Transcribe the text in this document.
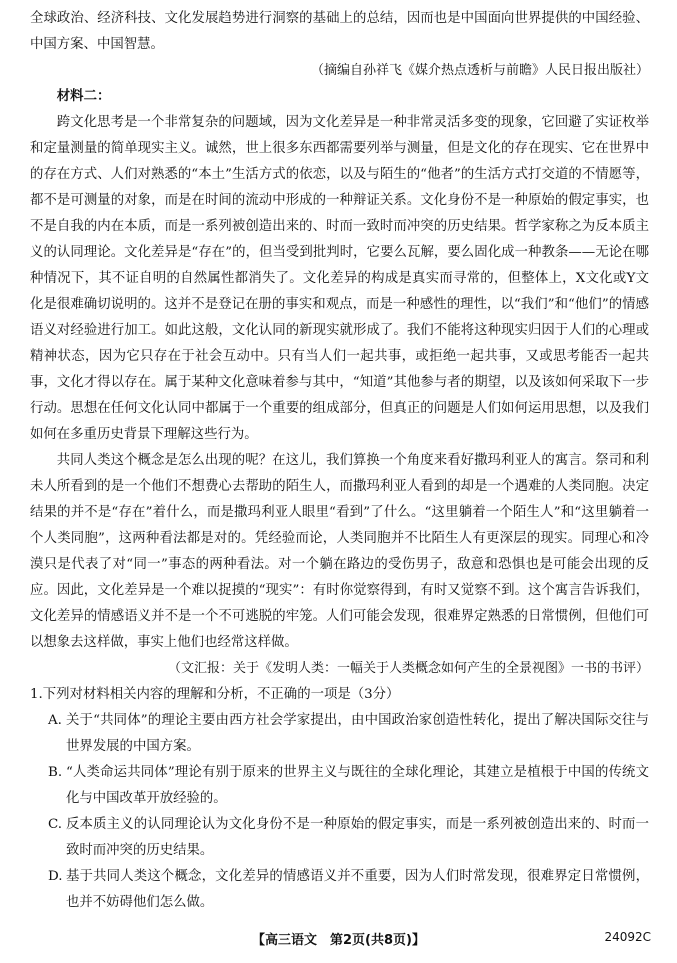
全球政治、经济科技、文化发展趋势进行洞察的基础上的总结，因而也是中国面向世界提供的中国经验、中国方案、中国智慧。

（摘编自孙祥飞《媒介热点透析与前瞻》人民日报出版社）

材料二：

跨文化思考是一个非常复杂的问题域，因为文化差异是一种非常灵活多变的现象，它回避了实证枚举和定量测量的简单现实主义。诚然，世上很多东西都需要列举与测量，但是文化的存在现实、它在世界中的存在方式、人们对熟悉的“本土”生活方式的依恋，以及与陌生的“他者”的生活方式打交道的不情愿等，都不是可测量的对象，而是在时间的流动中形成的一种辩证关系。文化身份不是一种原始的假定事实，也不是自我的内在本质，而是一系列被创造出来的、时而一致时而冲突的历史结果。哲学家称之为反本质主义的认同理论。文化差异是“存在”的，但当受到批判时，它要么瓦解，要么固化成一种教条——无论在哪种情况下，其不证自明的自然属性都消失了。文化差异的构成是真实而寻常的，但整体上，X文化或Y文化是很难确切说明的。这并不是登记在册的事实和观点，而是一种感性的理性，以“我们”和“他们”的情感语义对经验进行加工。如此这般，文化认同的新现实就形成了。我们不能将这种现实归因于人们的心理或精神状态，因为它只存在于社会互动中。只有当人们一起共事，或拒绝一起共事，又或思考能否一起共事，文化才得以存在。属于某种文化意味着参与其中，“知道”其他参与者的期望，以及该如何采取下一步行动。思想在任何文化认同中都属于一个重要的组成部分，但真正的问题是人们如何运用思想，以及我们如何在多重历史背景下理解这些行为。

共同人类这个概念是怎么出现的呢？在这儿，我们算换一个角度来看好撒玛利亚人的寓言。祭司和利未人所看到的是一个他们不想费心去帮助的陌生人，而撒玛利亚人看到的却是一个遇难的人类同胞。决定结果的并不是“存在”着什么，而是撒玛利亚人眼里“看到”了什么。“这里躺着一个陌生人”和“这里躺着一个人类同胞”，这两种看法都是对的。凭经验而论，人类同胞并不比陌生人有更深层的现实。同理心和冷漠只是代表了对“同一”事态的两种看法。对一个躺在路边的受伤男子，敌意和恐惧也是可能会出现的反应。因此，文化差异是一个难以捉摸的“现实”：有时你觉察得到，有时又觉察不到。这个寓言告诉我们，文化差异的情感语义并不是一个不可逃脱的牢笼。人们可能会发现，很难界定熟悉的日常惯例，但他们可以想象去这样做，事实上他们也经常这样做。

（文汇报：关于《发明人类：一幅关于人类概念如何产生的全景视图》一书的书评）

1.下列对材料相关内容的理解和分析，不正确的一项是（3分）

A. 关于“共同体”的理论主要由西方社会学家提出，由中国政治家创造性转化，提出了解决国际交往与世界发展的中国方案。
B. “人类命运共同体”理论有别于原来的世界主义与既往的全球化理论，其建立是植根于中国的传统文化与中国改革开放经验的。
C. 反本质主义的认同理论认为文化身份不是一种原始的假定事实，而是一系列被创造出来的、时而一致时而冲突的历史结果。
D. 基于共同人类这个概念，文化差异的情感语义并不重要，因为人们时常发现，很难界定日常惯例，也并不妨碍他们怎么做。
【高三语文　第2页(共8页)】	24092C
